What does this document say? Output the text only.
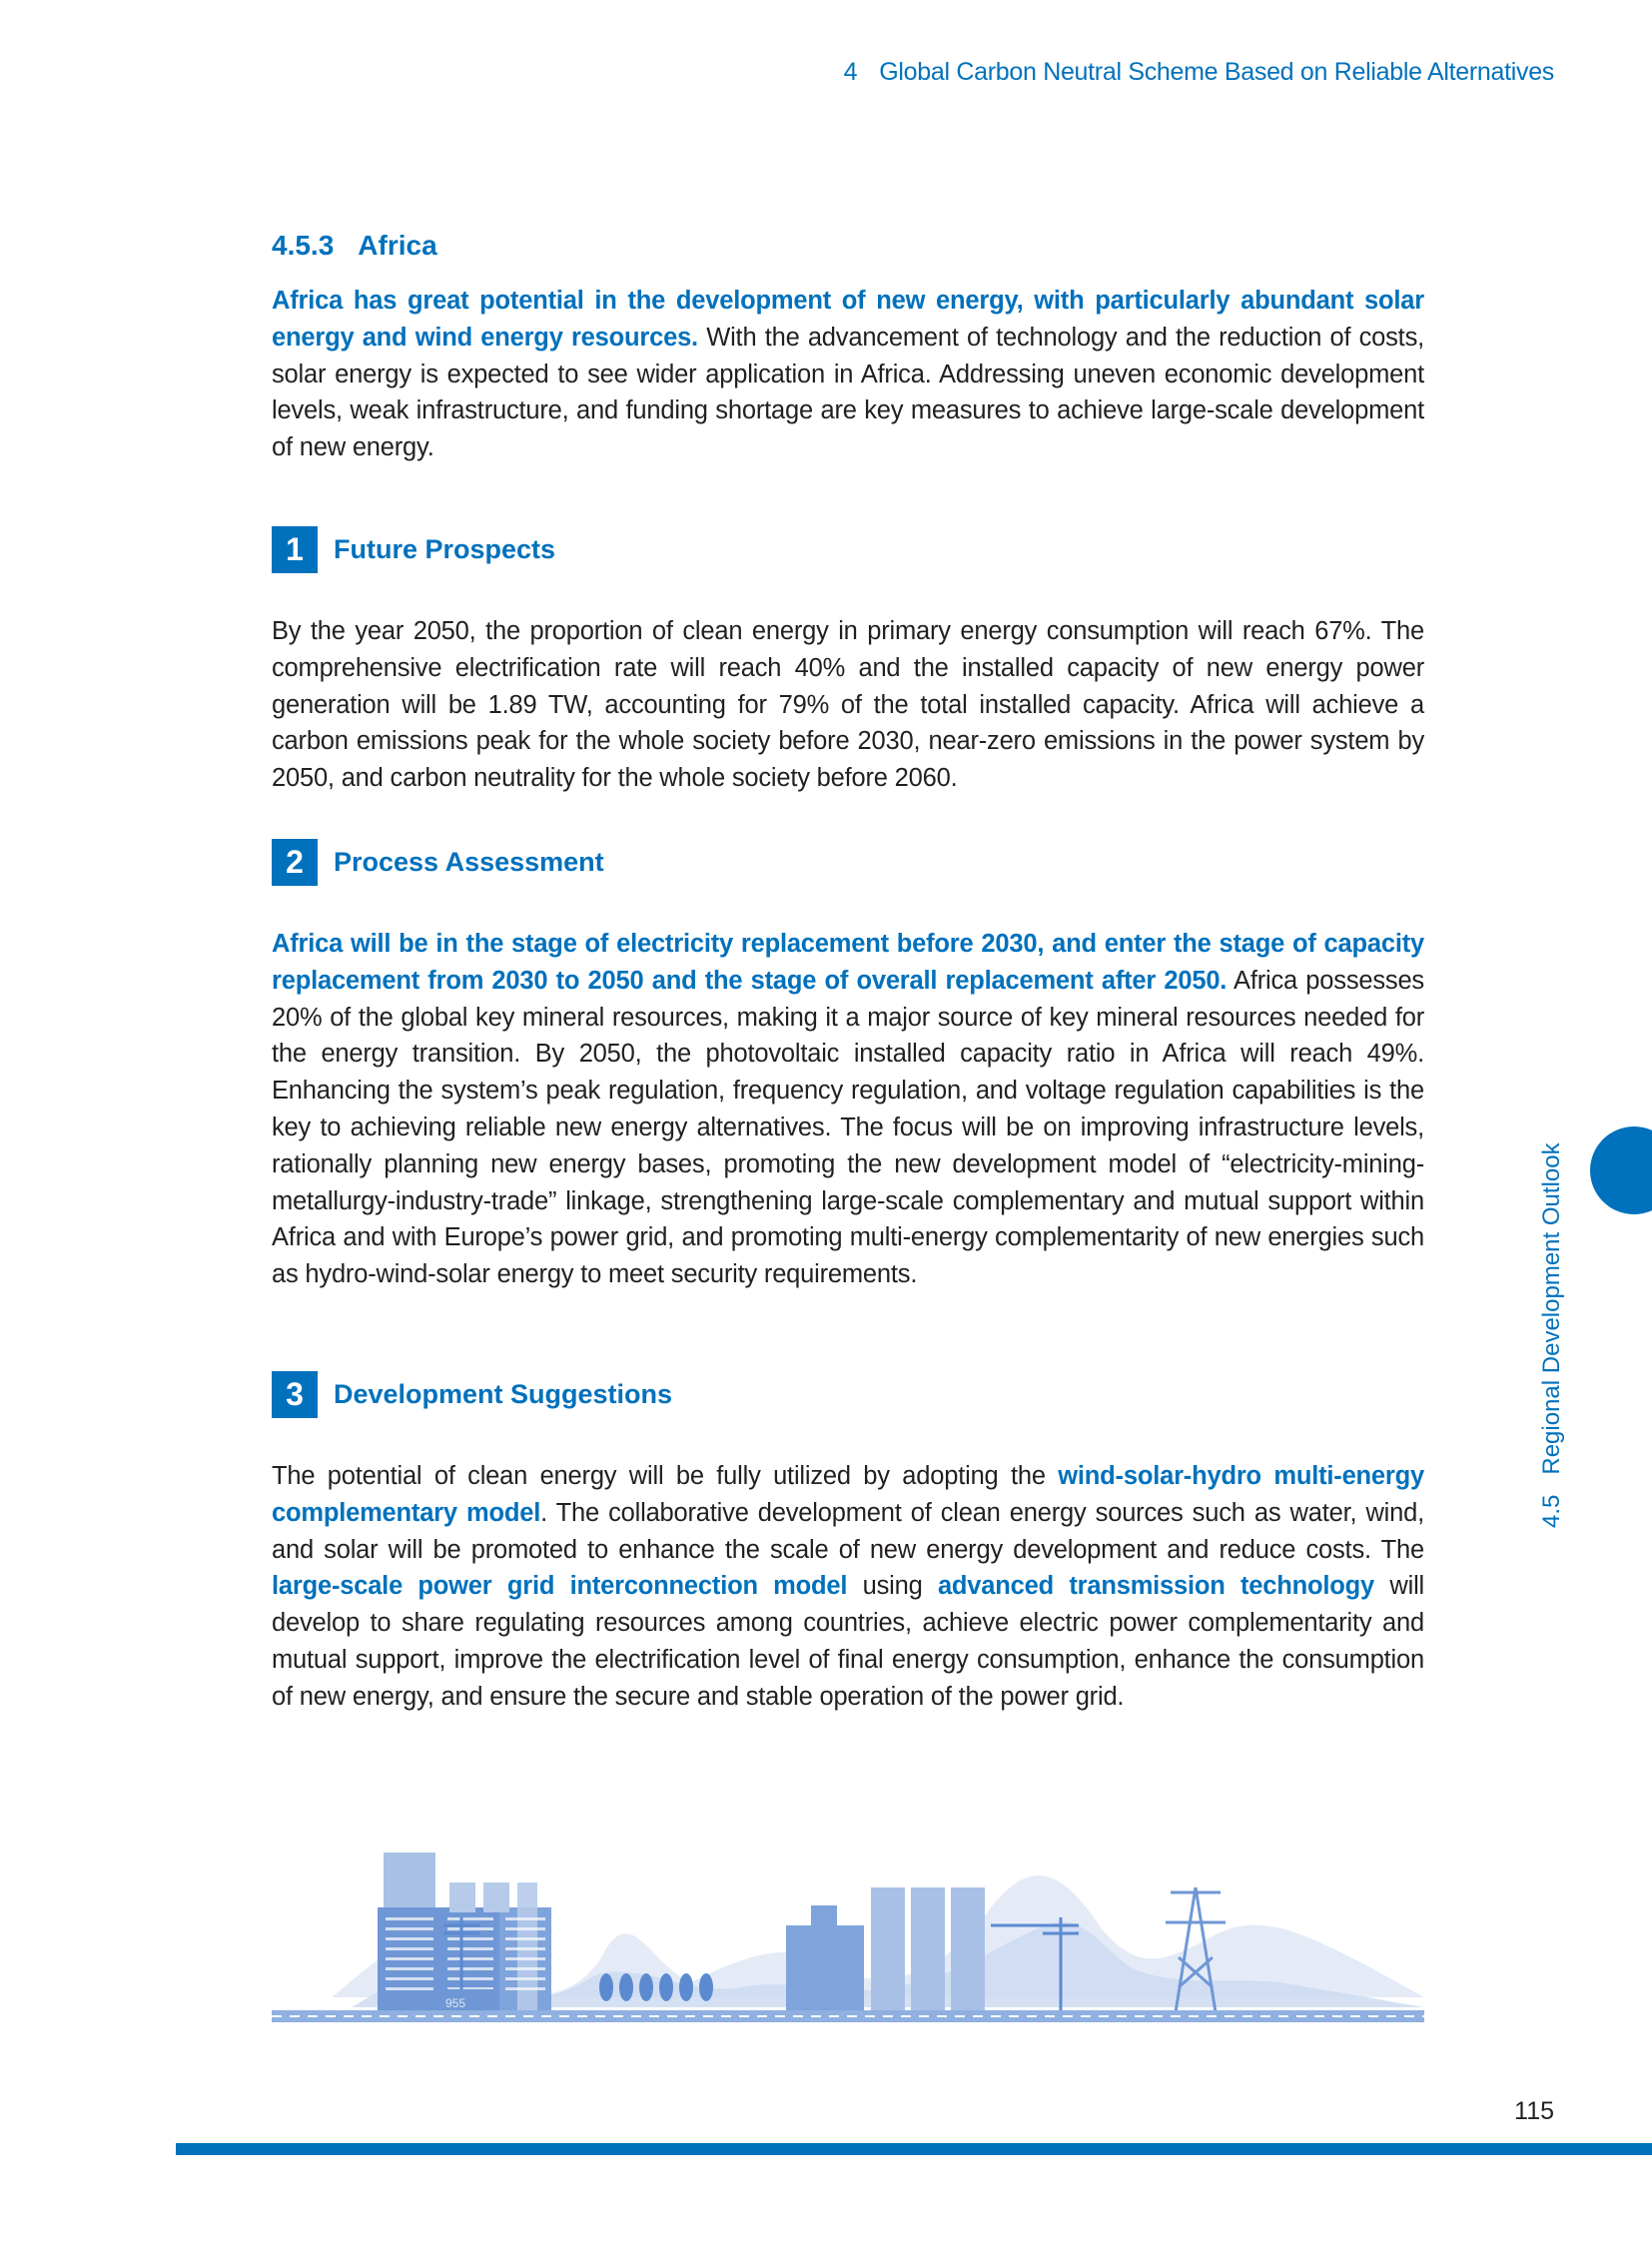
4 Global Carbon Neutral Scheme Based on Reliable Alternatives
4.5.3 Africa

Africa has great potential in the development of new energy, with particularly abundant solar energy and wind energy resources. With the advancement of technology and the reduction of costs, solar energy is expected to see wider application in Africa. Addressing uneven economic development levels, weak infrastructure, and funding shortage are key measures to achieve large-scale development of new energy.

1	Future Prospects

By the year 2050, the proportion of clean energy in primary energy consumption will reach 67%. The comprehensive electrification rate will reach 40% and the installed capacity of new energy power generation will be 1.89 TW, accounting for 79% of the total installed capacity. Africa will achieve a carbon emissions peak for the whole society before 2030, near-zero emissions in the power system by 2050, and carbon neutrality for the whole society before 2060.

2	Process Assessment

Africa will be in the stage of electricity replacement before 2030, and enter the stage of capacity replacement from 2030 to 2050 and the stage of overall replacement after 2050. Africa possesses 20% of the global key mineral resources, making it a major source of key mineral resources needed for the energy transition. By 2050, the photovoltaic installed capacity ratio in Africa will reach 49%. Enhancing the system’s peak regulation, frequency regulation, and voltage regulation capabilities is the key to achieving reliable new energy alternatives. The focus will be on improving infrastructure levels, rationally planning new energy bases, promoting the new development model of “electricity-mining-metallurgy-industry-trade” linkage, strengthening large-scale complementary and mutual support within Africa and with Europe’s power grid, and promoting multi-energy complementarity of new energies such as hydro-wind-solar energy to meet security requirements.

3	Development Suggestions

The potential of clean energy will be fully utilized by adopting the wind-solar-hydro multi-energy complementary model. The collaborative development of clean energy sources such as water, wind, and solar will be promoted to enhance the scale of new energy development and reduce costs. The large-scale power grid interconnection model using advanced transmission technology will develop to share regulating resources among countries, achieve electric power complementarity and mutual support, improve the electrification level of final energy consumption, enhance the consumption of new energy, and ensure the secure and stable operation of the power grid.

4.5Regional Development Outlook
955
115
